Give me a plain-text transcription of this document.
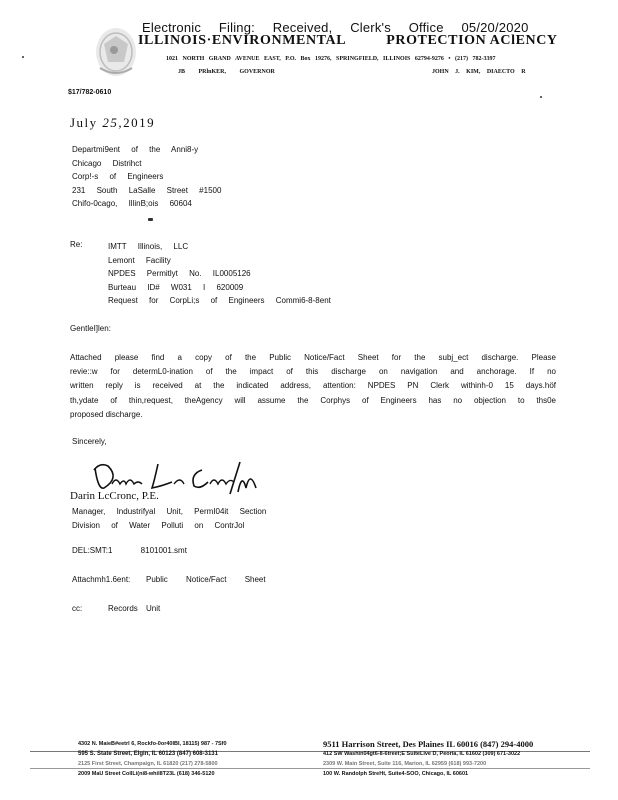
Electronic Filing: Received, Clerk's Office 05/20/2020
ILLINOIS·ENVIRONMENTAL	PROTECTION AClENCY
1021 NORTH GRAND AVENUE EAST, P.O. Box 19276, SPRINGFIELD, ILLINOIS 62794-9276 • (217) 782-3397
JB PRlnKER, GOVERNOR	JOHN J. KIM, DIAECTO R
$17/782-0610
July 25,2019
Departmi9ent of the Anni8-y
Chicago Distrihct
Corp!-s of Engineers
231 South LaSalle Street #1500
Chifo-0cago, IllinB;ois 60604
Re:	IMTT Illinois, LLC
Lemont Facility
NPDES Permitlyt No. IL0005126
Burteau ID# W031 I 620009
Request for CorpLi;s of Engineers Commi6-8-8ent
GentleI]len:
Attached please find a copy of the Public Notice/Fact Sheet for the subj_ect discharge. Please
revie::w for determL0-ination of the impact of this discharge on navigation and anchorage. If no
written reply is received at the indicated address, attention: NPDES PN Clerk withinh-0 15 days.höf
th,ydate of thin,request, theAgency will assume the Corphys of Engineers has no objection to ths0e
proposed discharge.
Sincerely,
Darin LcCronc, P.E.
Manager, Industrifyal Unit, PermI04it Section
Division of Water Polluti on ContrJol
DEL:SMT:1 8101001.smt
Attachmh1.6ent: Public Notice/Fact Sheet
cc:	Records Unit
4302 N. MaieB#eetrl 6, Rockfo-0or40IBI, 18115) 987 - 7Sf0
595 S. State Street, Elgin, IL 60123 (847) 608-3131
2125 First Street, Champaign, IL 61820 (217) 278-5800
2009 MaU Street CollLi(ni8-whil8T23L (618) 346-5120
9511 Harrison Street, Des Plaines IL 60016 (847) 294-4000
412 SW Washin04gt6-8-6treet;E SuiteLive D, Peoria, IL 61602 (309) 671-3022
2309 W. Main Street, Suite 116, Marion, IL 62959 (618) 993-7200
100 W. Randolph StreHt, Suite4-SOO, Chicago, IL 60601
